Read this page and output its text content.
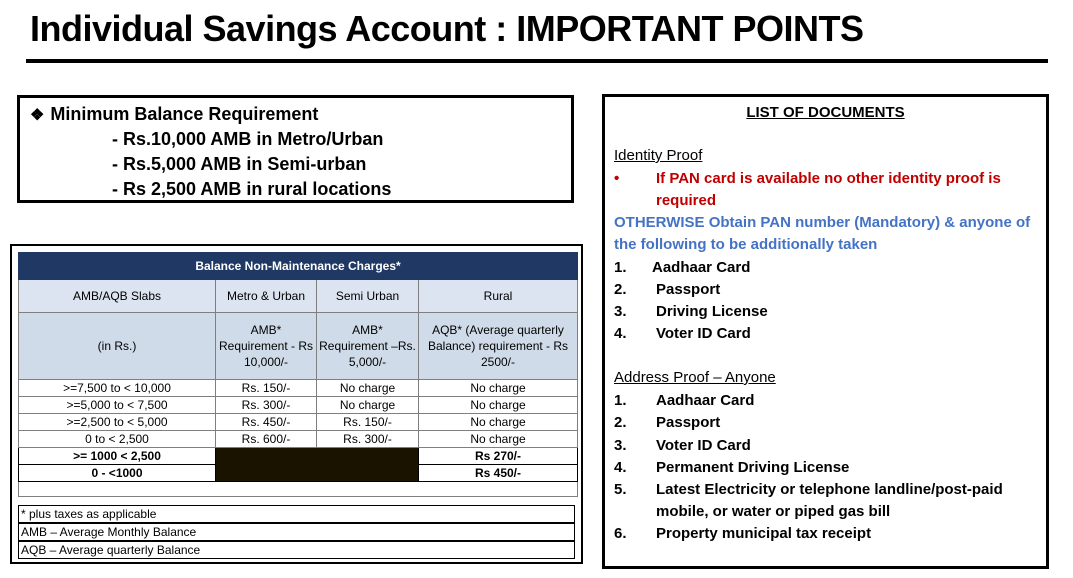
Individual Savings Account : IMPORTANT POINTS
❖ Minimum Balance Requirement
- Rs.10,000 AMB in Metro/Urban
- Rs.5,000 AMB in Semi-urban
- Rs 2,500 AMB in rural locations
Balance Non-Maintenance Charges*			
AMB/AQB Slabs	Metro & Urban	Semi Urban	Rural
(in Rs.)	AMB* Requirement - Rs 10,000/-	AMB* Requirement –Rs. 5,000/-	AQB* (Average quarterly Balance) requirement - Rs 2500/-
>=7,500 to < 10,000	Rs. 150/-	No charge	No charge
>=5,000 to < 7,500	Rs. 300/-	No charge	No charge
>=2,500 to < 5,000	Rs. 450/-	Rs. 150/-	No charge
0 to < 2,500	Rs. 600/-	Rs. 300/-	No charge
>= 1000 < 2,500			Rs 270/-
0 - <1000			Rs 450/-

* plus taxes as applicable
AMB – Average Monthly Balance
AQB – Average quarterly Balance
LIST OF DOCUMENTS
Identity Proof
• If PAN card is available no other identity proof is required
OTHERWISE Obtain PAN number (Mandatory) & anyone of the following to be additionally taken
1. Aadhaar Card
2. Passport
3. Driving License
4. Voter ID Card
Address Proof – Anyone
1. Aadhaar Card
2. Passport
3. Voter ID Card
4. Permanent Driving License
5. Latest Electricity or telephone landline/post-paid mobile, or water or piped gas bill
6. Property municipal tax receipt
